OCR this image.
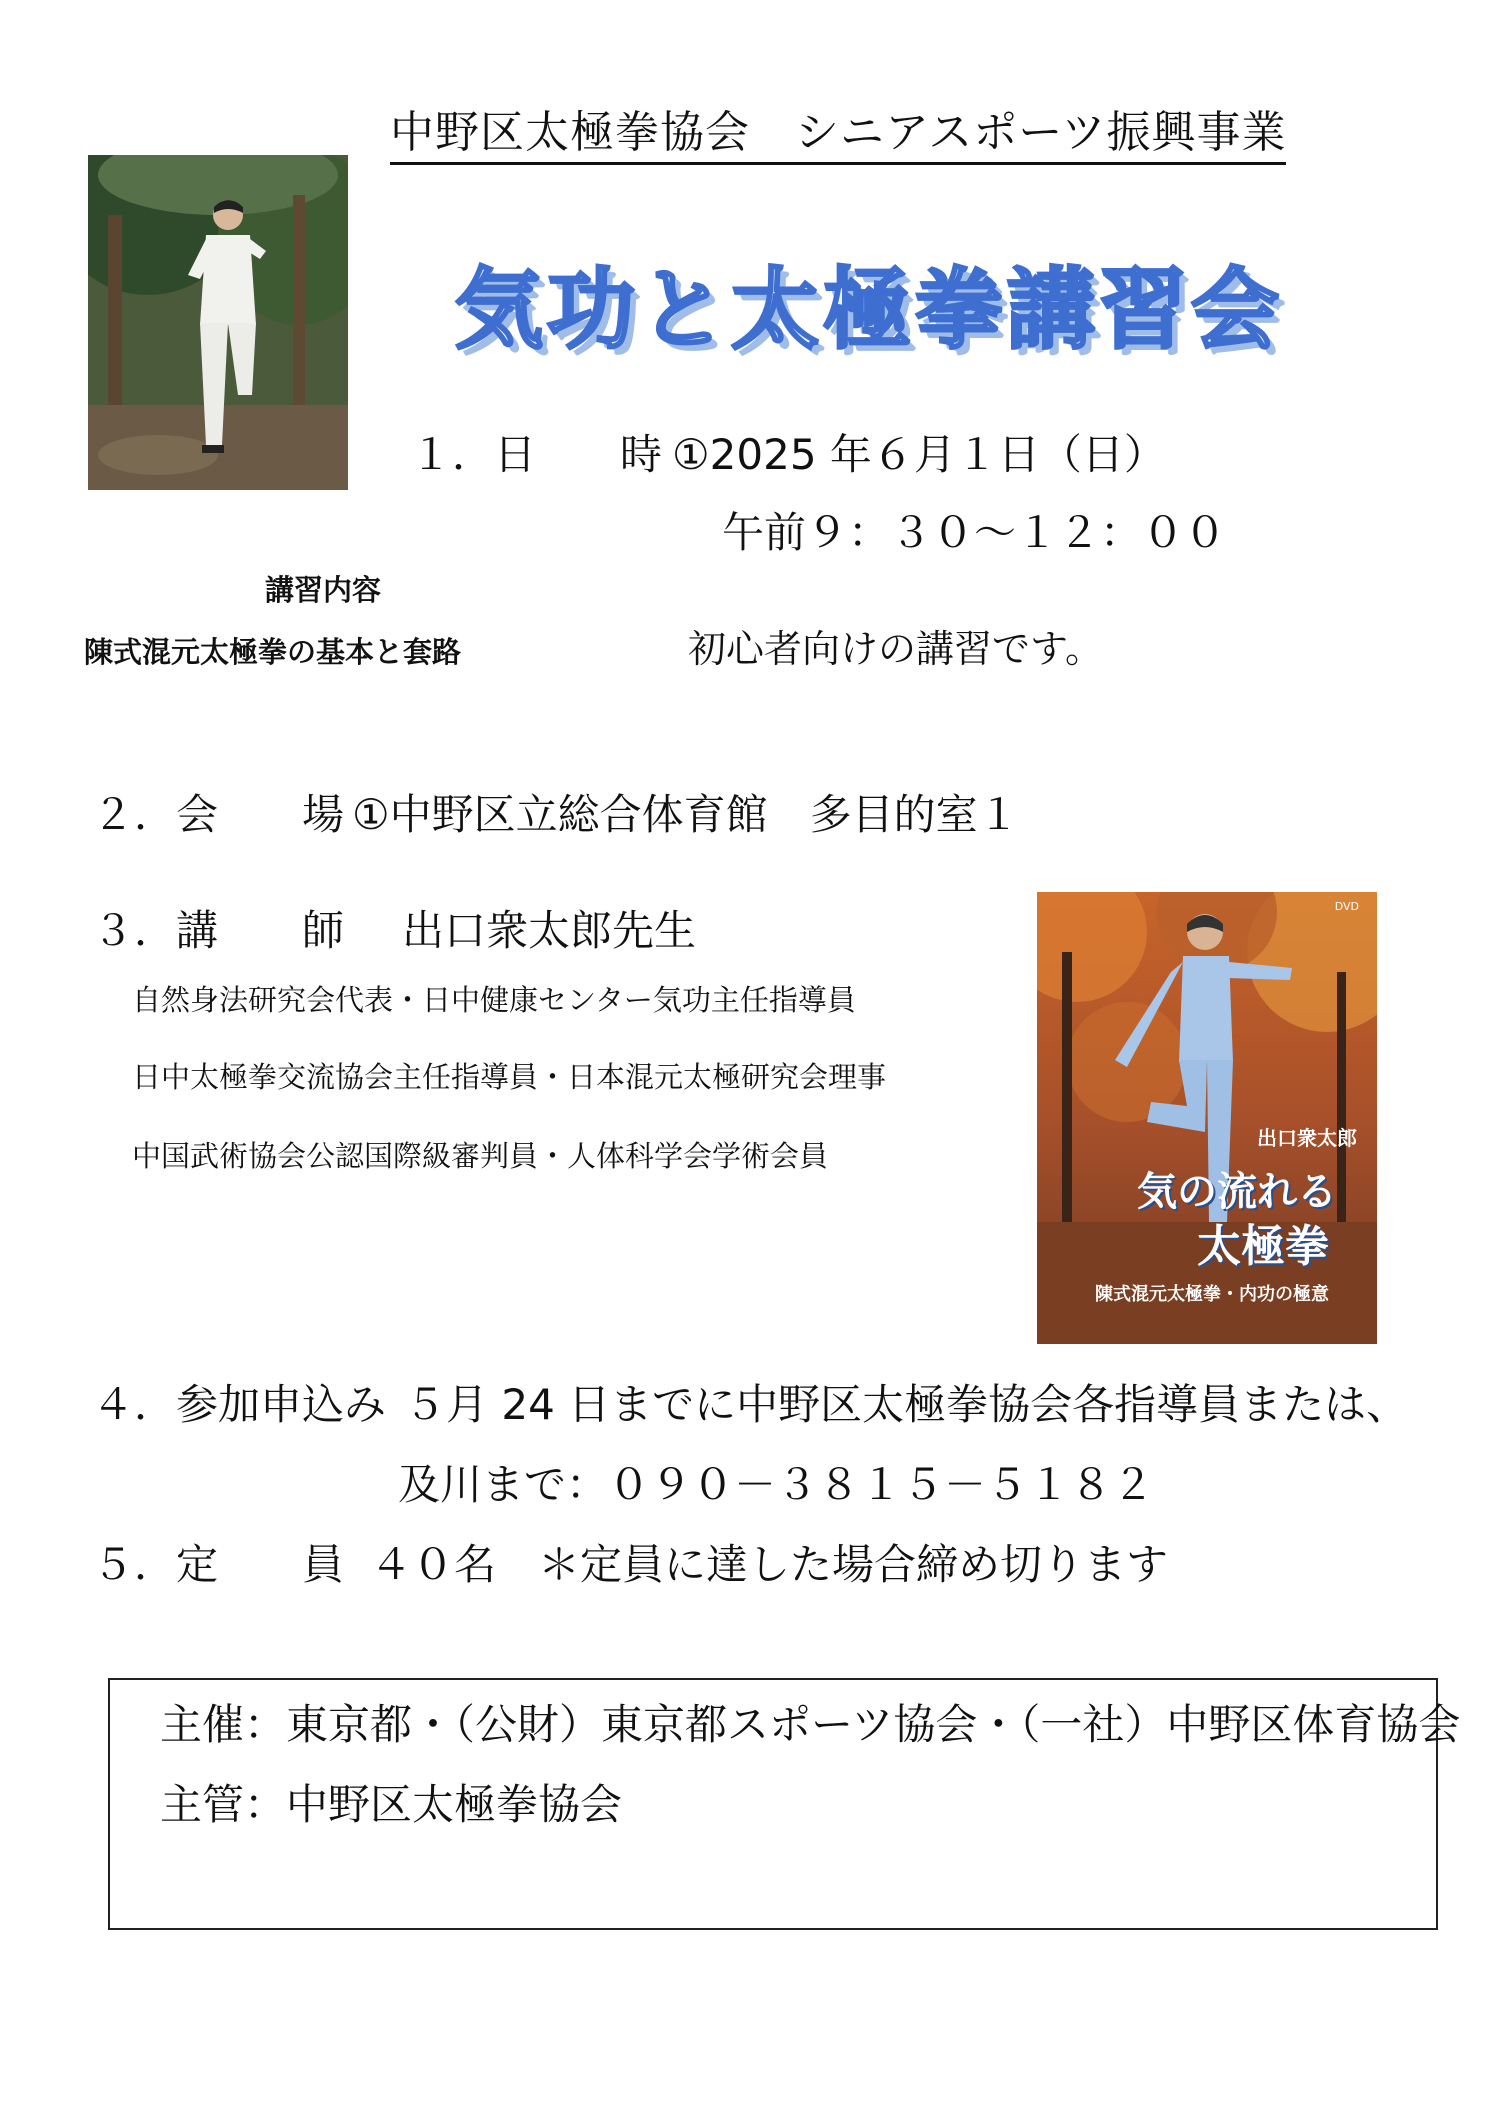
中野区太極拳協会　シニアスポーツ振興事業
気功と太極拳講習会
１．日　　時 ①2025 年６月１日（日）
午前９：３０～１２：００
講習内容
陳式混元太極拳の基本と套路	初心者向けの講習です。
２．会　　場 ①中野区立総合体育館　多目的室１
３．講　　師 出口衆太郎先生
自然身法研究会代表・日中健康センター気功主任指導員
日中太極拳交流協会主任指導員・日本混元太極研究会理事
中国武術協会公認国際級審判員・人体科学会学術会員
DVD
出口衆太郎
気の流れる
太極拳
陳式混元太極拳・内功の極意
４．参加申込み ５月 24 日までに中野区太極拳協会各指導員または、
及川まで：０９０－３８１５－５１８２
５．定　　員 ４０名　＊定員に達した場合締め切ります
主催：東京都・（公財）東京都スポーツ協会・（一社）中野区体育協会
主管：中野区太極拳協会
